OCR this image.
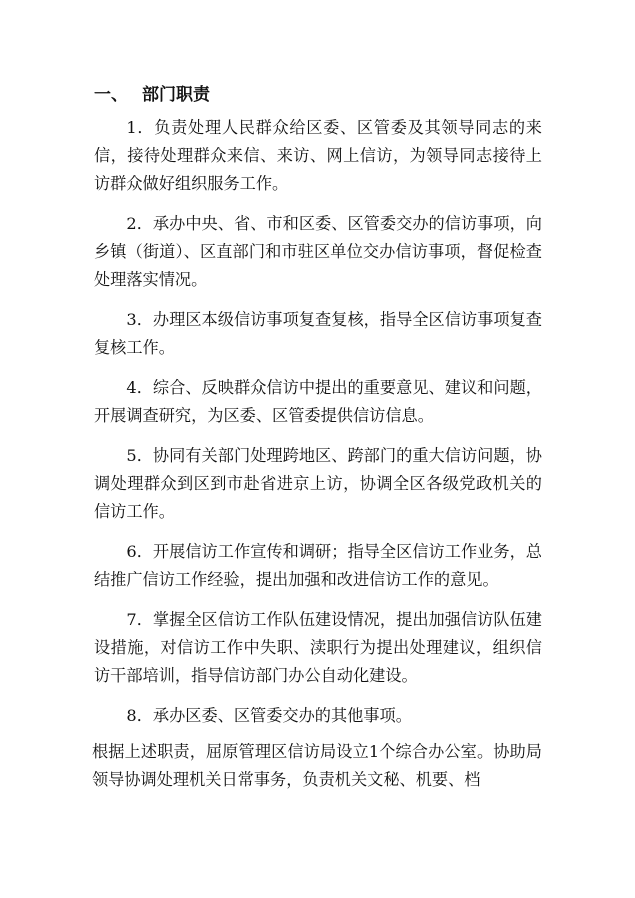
一、 部门职责

1．负责处理人民群众给区委、区管委及其领导同志的来信，接待处理群众来信、来访、网上信访，为领导同志接待上访群众做好组织服务工作。

2．承办中央、省、市和区委、区管委交办的信访事项，向乡镇（街道）、区直部门和市驻区单位交办信访事项，督促检查处理落实情况。

3．办理区本级信访事项复查复核，指导全区信访事项复查复核工作。

4．综合、反映群众信访中提出的重要意见、建议和问题，开展调查研究，为区委、区管委提供信访信息。

5．协同有关部门处理跨地区、跨部门的重大信访问题，协调处理群众到区到市赴省进京上访，协调全区各级党政机关的信访工作。

6．开展信访工作宣传和调研；指导全区信访工作业务，总结推广信访工作经验，提出加强和改进信访工作的意见。

7．掌握全区信访工作队伍建设情况，提出加强信访队伍建设措施，对信访工作中失职、渎职行为提出处理建议，组织信访干部培训，指导信访部门办公自动化建设。

8．承办区委、区管委交办的其他事项。

根据上述职责，屈原管理区信访局设立1个综合办公室。协助局领导协调处理机关日常事务，负责机关文秘、机要、档
